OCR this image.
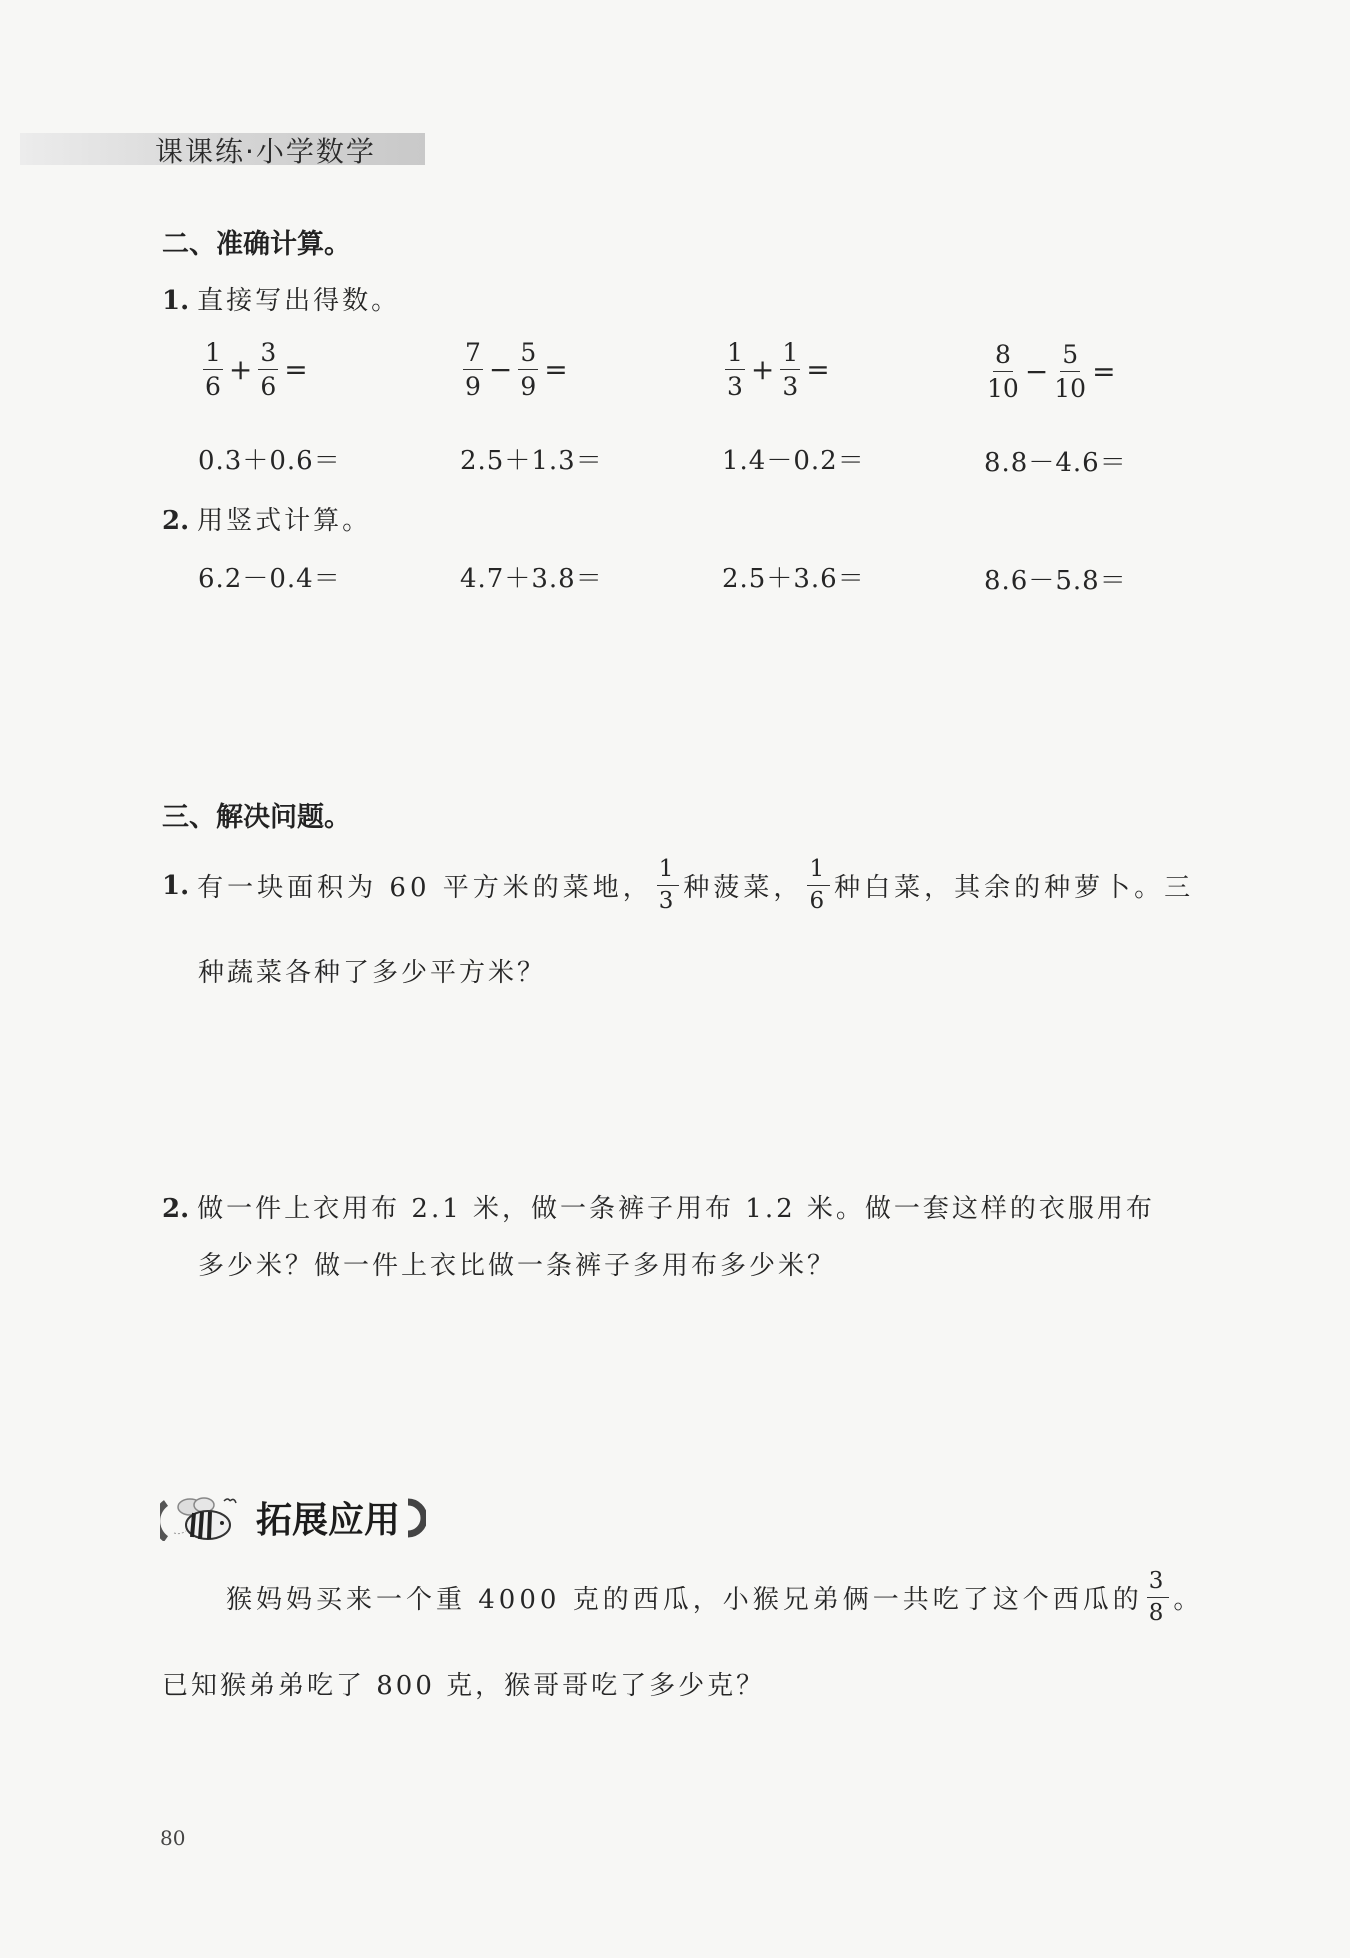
课课练·小学数学
二、准确计算。
1. 直接写出得数。
$\frac{1}{6} + \frac{3}{6}$ =	$\frac{7}{9} - \frac{5}{9}$ =	$\frac{1}{3} + \frac{1}{3}$ =	$\frac{8}{10} - \frac{5}{10}$ =
0.3＋0.6＝	2.5＋1.3＝	1.4－0.2＝	8.8－4.6＝
2. 用竖式计算。
6.2－0.4＝	4.7＋3.8＝	2.5＋3.6＝	8.6－5.8＝
三、解决问题。
1. 有一块面积为 60 平方米的菜地， $\frac{1}{3}$ 种菠菜， $\frac{1}{6}$ 种白菜，其余的种萝卜。三
种蔬菜各种了多少平方米？
2. 做一件上衣用布 2.1 米，做一条裤子用布 1.2 米。做一套这样的衣服用布
多少米？做一件上衣比做一条裤子多用布多少米？
拓展应用
猴妈妈买来一个重 4000 克的西瓜，小猴兄弟俩一共吃了这个西瓜的 $\frac{3}{8}$ 。
已知猴弟弟吃了 800 克，猴哥哥吃了多少克？
80
